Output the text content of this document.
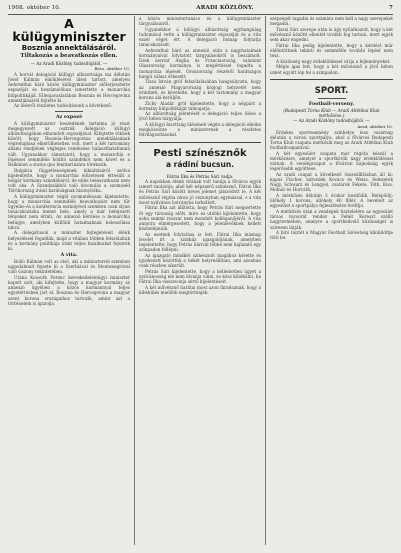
1908. október 10.	ARADI KÖZLÖNY.	7
A külügyminiszter
Bosznia annektálásáról.
Tiltakozás a beavatkozás ellen.
— Az Aradi Közlöny tudósítójától. —
Bécs, október 10.

A horvát delegáció külügyi albizottsága ma délután Jósef Kálmán elnöklésével ülést tartott, amelyen Aehrenthal báró közös külügyminiszter előterjesztette expozéját és beszámolóban ismertette a monarchia külpolitikáját. Ellenjavaslatában Bosznia és Hercegovina annektálásáról fejtette ki.

Az ülésről részletes tudósításunk a következő:

Az expozé

A külügyminiszter beszédének tartalma jó részt megegyezett az osztrák delegáció külügyi albizottságában elmondott expozéjával. Kifejtette többek között, hogy Bosznia–Hercegovina annektálásának végrehajtása elkerülhetetlen volt, mert a két tartomány állami rendjének végleges rendezése halaszthatatlanná vált. Ugyanakkor rámutatott, hogy a monarchia e lépéssel semmiféle hódító szándékot nem követ és a Balkánon a status quo fenntartására törekszik.

Bulgária függetlenségének kikiáltásáról szólva kijelentette, hogy a monarchia előzetesen értesült a bolgár kormány szándékáról, de ebbe beleavatkozni nem volt oka. A Szandzsákból való kivonulás a szomszéd Törökország iránti barátságnak bizonyítéka.

A külügyminiszter végül nyomatékosan kijelentette, hogy a monarchia semmiféle beavatkozást nem tűr ügyeibe és a konferencia eszméjével szemben csak olyan tanácskozásba mehet bele, amely a már befejezett tényeket nem érinti. Az annexió kérdése a monarchia belügye, amelyben külföldi hatalmaknak beleszólása nincs.

A delegátusok a miniszter fejtegetéseit élénk helyesléssel fogadták, majd a vitában többen felszólaltak és a kormány politikája iránt teljes bizalmukat fejezték ki.

A vita.

Bolló Kálmán volt az első, aki a miniszterrel szemben aggodalmait fejezte ki a Szerbiával és Montenegróval való viszony tekintetében.

Utána Kossuth Ferenc kereskedelemügyi miniszter kapott szót, aki kifejtette, hogy a magyar kormány az annexió ügyében a közös kormánnyal teljes egyetértésben járt el. Bosznia és Hercegovina a magyar szent korona országaihoz tartozik, amint azt a történelem is igazolja.

a közös minisztertanács és a külügyminiszter tárgyalásairól.

Ugyanekkor a külügyi albizottság egyhangúlag tudomásul vette a külügyminiszter expozéját és a vita ezzel véget ért. A delegáció holnap folytatja tanácskozását.

Aehrenthal báró az annexió után a nagyhatalmak kormányaival folytatott tárgyalásokról is beszámolt. Ezek szerint Anglia és Franciaország, valamint Olaszország kormánya is megértéssel fogadta a monarchia lépését. Oroszország részéről barátságos hangú válasz érkezett.

Tisza István gróf felszólalásában hangsúlyozta, hogy az annexió Magyarország közjogi helyzetét nem érintheti, és követelte, hogy a két tartomány a magyar korona alá kerüljön.

Zichy Aladár gróf kijelentette, hogy a néppárt a kormány külpolitikáját támogatja.

Az albizottság jelentését a delegáció teljes ülése a jövő héten tárgyalja.

A külügyi bizottság ülésének végén a delegáció elnöke megköszönte a miniszternek a részletes felvilágosításokat.

Pesti színésznők
a rádiní bucsun.
Fátrai Ilka és Petrás Sári vadja.

A napokban élénk vitának volt tanúja a főváros egyik ismert mulatója, ahol két népszerű színésznő, Fátrai Ilka és Petrás Sári között heves jelenet játszódott le. A két művésznő régóta nincs jó viszonyban egymással, s a vita most nyilvános botrányba torkollott.

Fátrai Ilka azt állította, hogy Petrás Sári megsértette őt egy társaság előtt, mire ez utóbbi kijelentette, hogy soha semmi rosszat nem mondott kolléganőjéről. A vita annyira elmérgesedett, hogy a jelenlévőknek kellett közbelépniük.

Az esetnek folytatása is lett. Fátrai Ilka másnap levelet írt a színház igazgatójának, amelyben bejelentette, hogy Petrás Sárival többé nem hajlandó egy színpadon fellépni.

Az igazgató mindkét színésznőt magához kérette és igyekezett közöttük a békét helyreállítani, ami azonban csak részben sikerült.

Petrás Sári kijelentette, hogy a kellemetlen ügyet a nyilvánosság elé nem kívánja vinni, és kész kibékülni, ha Fátrai Ilka visszavonja sértő kijelentéseit.

A két művésznő barátai most azon fáradoznak, hogy a kibékülés mielőbb megtörténjék.

szépségét tagadni és számára nem kell a nagy szerepeket megadni.

Tiszai Sári szerepe után is úgy nyilatkozott, hogy a két művésznő közötti ellentét tovább fog tartani, mert egyik sem akar engedni.

Fátrai Ilka pedig kijelentette, hogy a kérdést már eldöntöttnek tekinti és semmiféle további lépést nem tesz.

A közönség nagy érdeklődéssel várja a fejleményeket.

Mégis igaz lett, hogy a két művésznő a jövő héten ismét együtt lép fel a színpadon.

SPORT.
Football-verseny.
(Budapesti Torna Klub — Aradi Atlétikai Klub mérkőzése.)
— Az Aradi Közlöny tudósítójától. —
Arad, október 10.

Érdekes sportesemény színhelye lesz vasárnap délután a városi sportpálya, ahol a fővárosi Budapesti Torna Klub csapata mérkőzik meg az Aradi Atlétikai Klub footballcsapatával.

A két egyesület csapata már régóta készül a mérkőzésre, amelyet a sportkörök nagy érdeklődéssel várnak. A vendégcsapat a fővárosi bajnokság egyik legerősebb együttese.

Az aradi csapat a következő összeállításban áll ki: kapus Fischer, hátvédek Kovács és Weisz, fedezetek Nagy, Schwarz és Lengyel, csatárok Fekete, Tóth, Kiss, Molnár és Horváth.

A mérkőzés délután 3 órakor kezdődik. Belépődíj: ülőhely 1 korona, állóhely 40 fillér. A bevételt az egyesület a sportpálya fejlesztésére fordítja.

A mérkőzés után a vendégek tiszteletére az egyesület társas vacsorát rendez a Fehér Kereszt szálló nagytermében, amelyre a sportkedvelő közönséget is szívesen látják.

A bíró tisztét a Magyar Football Szövetség kiküldöttje tölti be.
